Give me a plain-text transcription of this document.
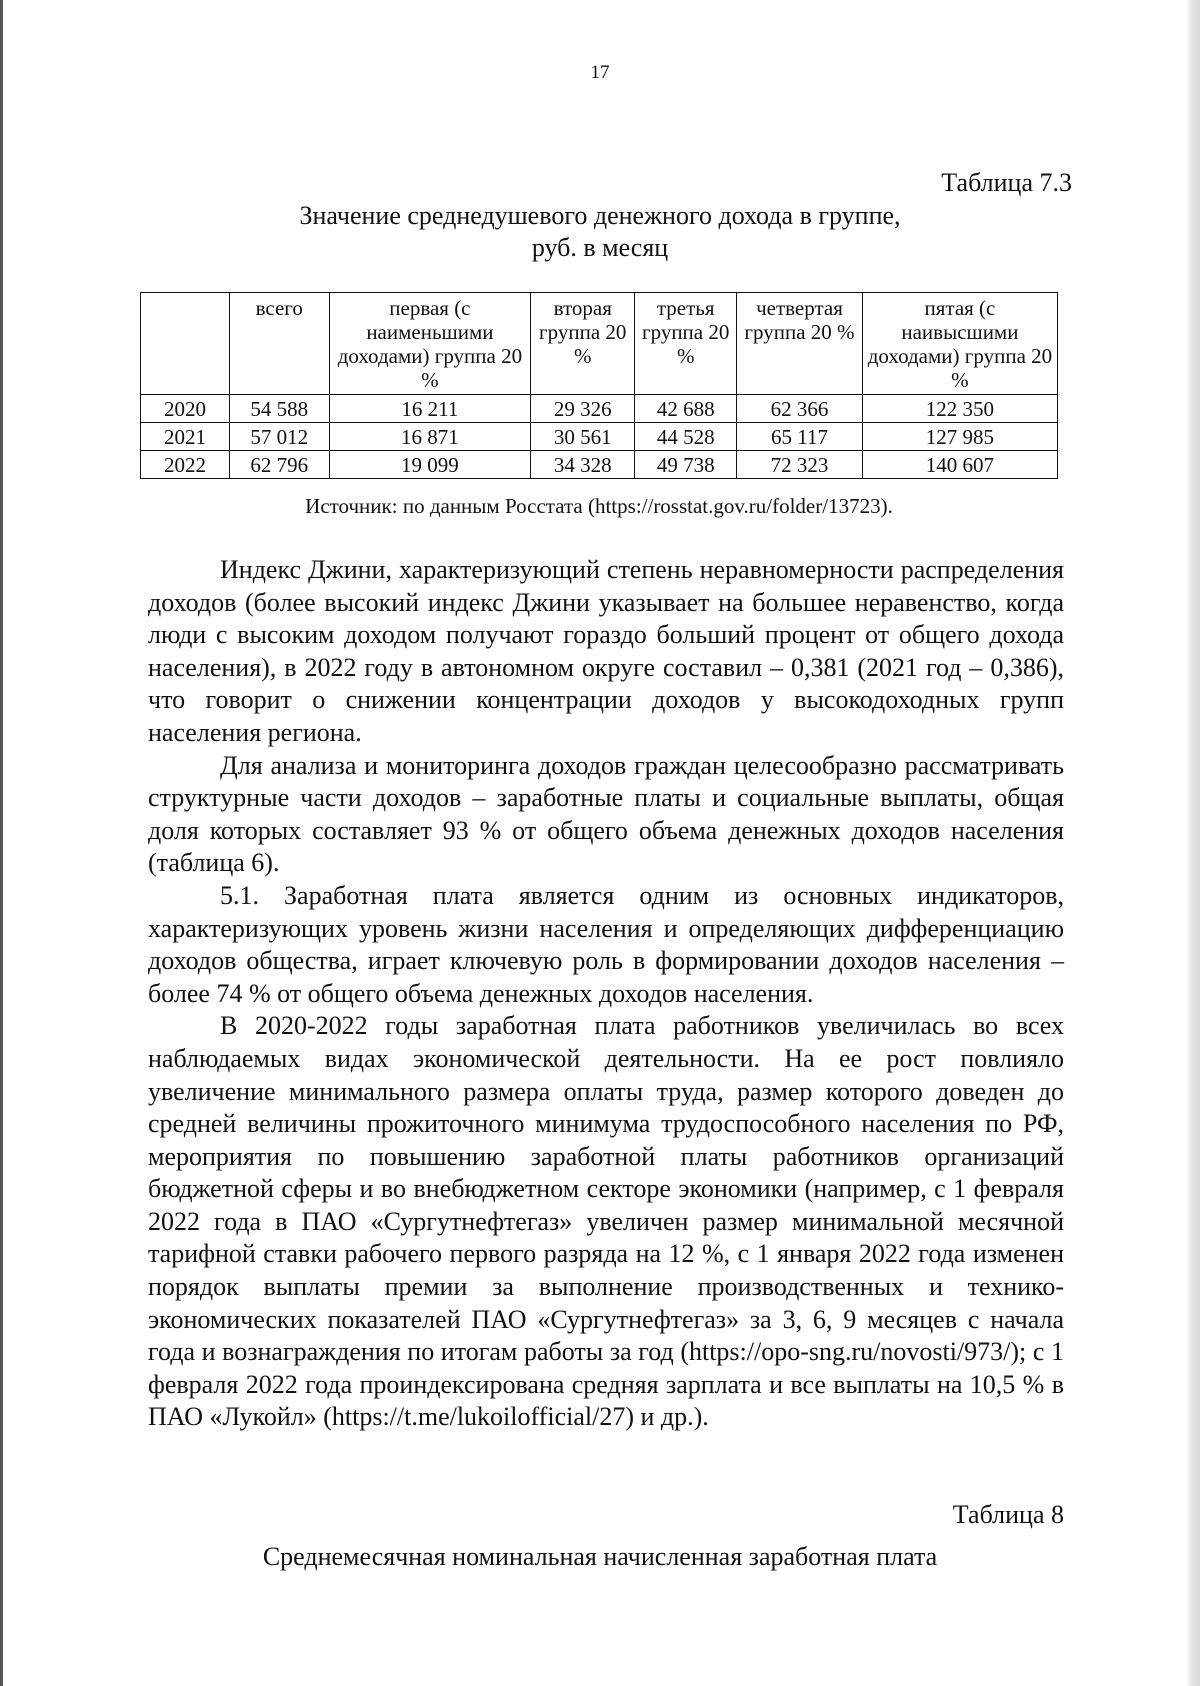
17
Таблица 7.3
Значение среднедушевого денежного дохода в группе,
руб. в месяц
	всего	первая (с наименьшими доходами) группа 20 %	вторая группа 20 %	третья группа 20 %	четвертая группа 20 %	пятая (с наивысшими доходами) группа 20 %
2020	54 588	16 211	29 326	42 688	62 366	122 350
2021	57 012	16 871	30 561	44 528	65 117	127 985
2022	62 796	19 099	34 328	49 738	72 323	140 607
Источник: по данным Росстата (https://rosstat.gov.ru/folder/13723).

Индекс Джини, характеризующий степень неравномерности распределения доходов (более высокий индекс Джини указывает на большее неравенство, когда люди с высоким доходом получают гораздо больший процент от общего дохода населения), в 2022 году в автономном округе составил – 0,381 (2021 год – 0,386), что говорит о снижении концентрации доходов у высокодоходных групп населения региона.

Для анализа и мониторинга доходов граждан целесообразно рассматривать структурные части доходов – заработные платы и социальные выплаты, общая доля которых составляет 93 % от общего объема денежных доходов населения (таблица 6).

5.1. Заработная плата является одним из основных индикаторов, характеризующих уровень жизни населения и определяющих дифференциацию доходов общества, играет ключевую роль в формировании доходов населения – более 74 % от общего объема денежных доходов населения.

В 2020-2022 годы заработная плата работников увеличилась во всех наблюдаемых видах экономической деятельности. На ее рост повлияло увеличение минимального размера оплаты труда, размер которого доведен до средней величины прожиточного минимума трудоспособного населения по РФ, мероприятия по повышению заработной платы работников организаций бюджетной сферы и во внебюджетном секторе экономики (например, с 1 февраля 2022 года в ПАО «Сургутнефтегаз» увеличен размер минимальной месячной тарифной ставки рабочего первого разряда на 12 %, с 1 января 2022 года изменен порядок выплаты премии за выполнение производственных и технико-экономических показателей ПАО «Сургутнефтегаз» за 3, 6, 9 месяцев с начала года и вознаграждения по итогам работы за год (https://opo-sng.ru/novosti/973/); с 1 февраля 2022 года проиндексирована средняя зарплата и все выплаты на 10,5 % в ПАО «Лукойл» (https://t.me/lukoilofficial/27) и др.).

Таблица 8
Среднемесячная номинальная начисленная заработная плата
